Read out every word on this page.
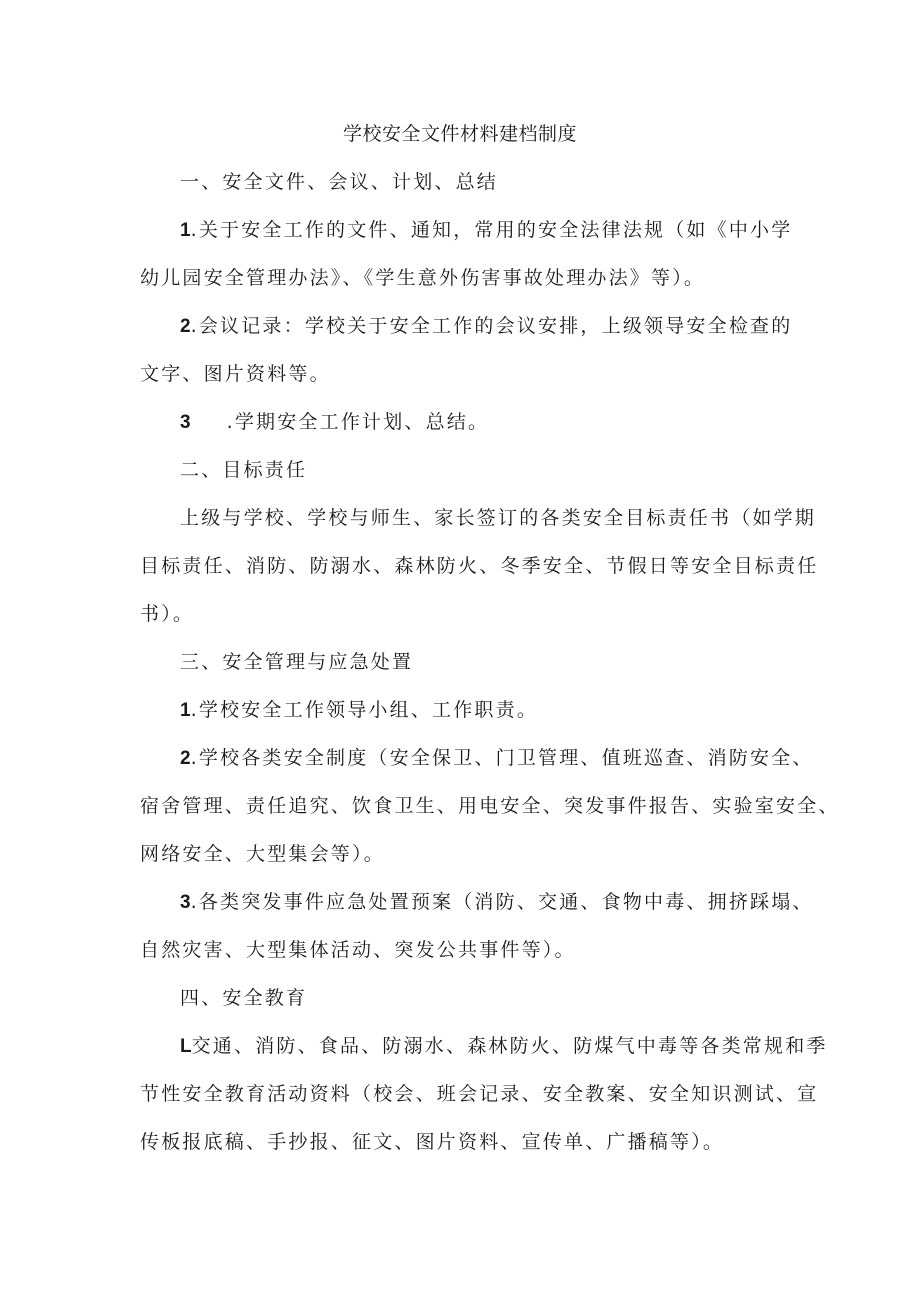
学校安全文件材料建档制度
一、安全文件、会议、计划、总结
1.关于安全工作的文件、通知，常用的安全法律法规（如《中小学
幼儿园安全管理办法》、《学生意外伤害事故处理办法》等）。
2.会议记录：学校关于安全工作的会议安排，上级领导安全检查的
文字、图片资料等。
3 .学期安全工作计划、总结。
二、目标责任
上级与学校、学校与师生、家长签订的各类安全目标责任书（如学期
目标责任、消防、防溺水、森林防火、冬季安全、节假日等安全目标责任
书）。
三、安全管理与应急处置
1.学校安全工作领导小组、工作职责。
2.学校各类安全制度（安全保卫、门卫管理、值班巡查、消防安全、
宿舍管理、责任追究、饮食卫生、用电安全、突发事件报告、实验室安全、
网络安全、大型集会等）。
3.各类突发事件应急处置预案（消防、交通、食物中毒、拥挤踩塌、
自然灾害、大型集体活动、突发公共事件等）。
四、安全教育
L交通、消防、食品、防溺水、森林防火、防煤气中毒等各类常规和季
节性安全教育活动资料（校会、班会记录、安全教案、安全知识测试、宣
传板报底稿、手抄报、征文、图片资料、宣传单、广播稿等）。
